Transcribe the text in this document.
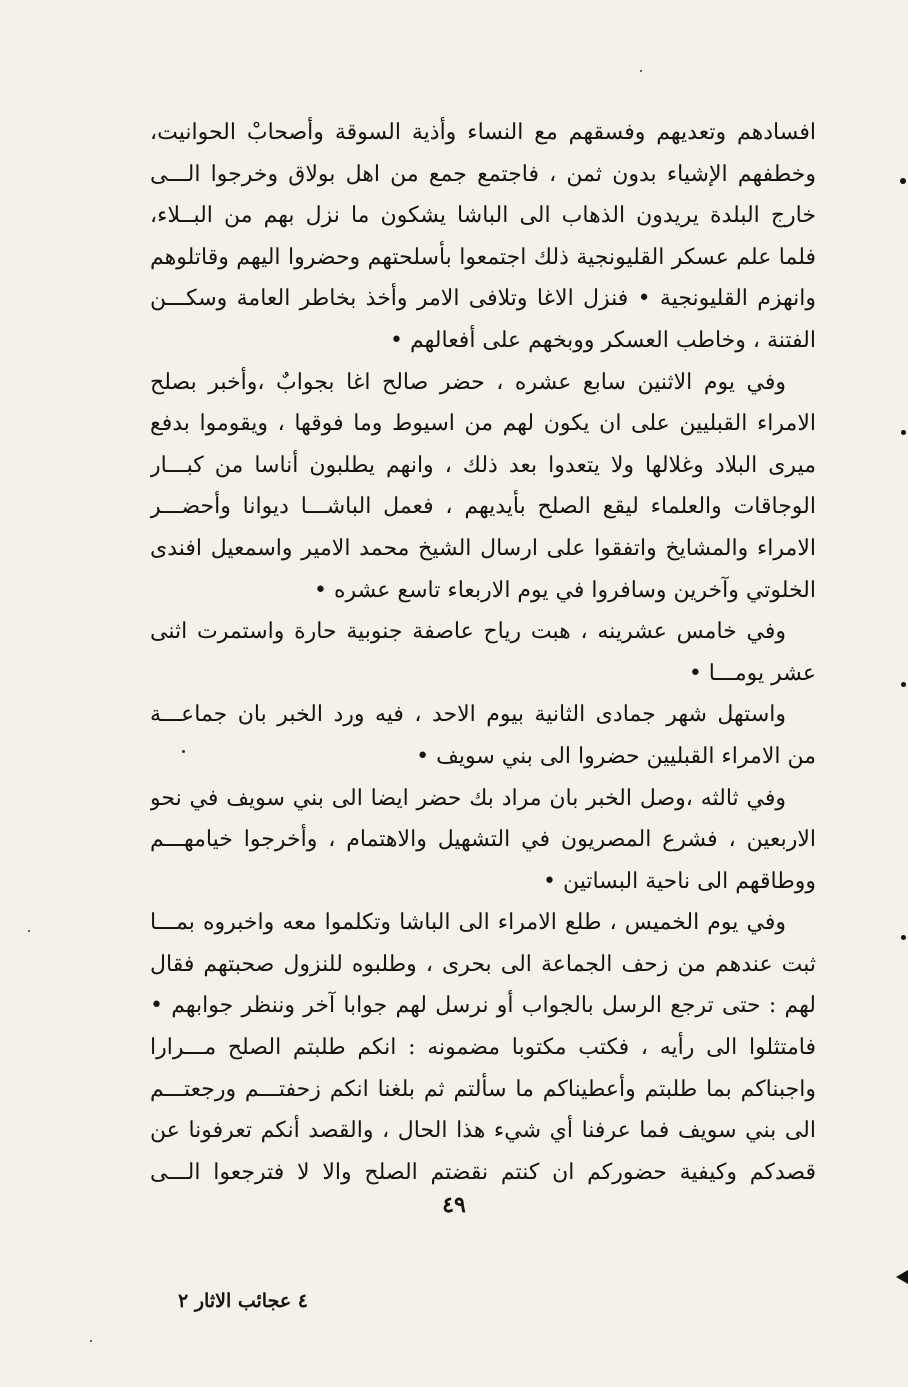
افسادهم وتعديهم وفسقهم مع النساء وأذية السوقة وأصحابْ الحوانيت،
وخطفهم الإشياء بدون ثمن ، فاجتمع جمع من اهل بولاق وخرجوا الـــى
خارج البلدة يريدون الذهاب الى الباشا يشكون ما نزل بهم من البــلاء،
فلما علم عسكر القليونجية ذلك اجتمعوا بأسلحتهم وحضروا اليهم وقاتلوهم
وانهزم القليونجية • فنزل الاغا وتلافى الامر وأخذ بخاطر العامة وسكـــن
الفتنة ، وخاطب العسكر ووبخهم على أفعالهم •
وفي يوم الاثنين سابع عشره ، حضر صالح اغا بجوابٌ ،وأخبر بصلح
الامراء القبليين على ان يكون لهم من اسيوط وما فوقها ، ويقوموا بدفع
ميرى البلاد وغلالها ولا يتعدوا بعد ذلك ، وانهم يطلبون أناسا من كبـــار
الوجاقات والعلماء ليقع الصلح بأيديهم ، فعمل الباشـــا ديوانا وأحضـــر
الامراء والمشايخ واتفقوا على ارسال الشيخ محمد الامير واسمعيل افندى
الخلوتي وآخرين وسافروا في يوم الاربعاء تاسع عشره •
وفي خامس عشرينه ، هبت رياح عاصفة جنوبية حارة واستمرت اثنى
عشر يومـــا •
واستهل شهر جمادى الثانية بيوم الاحد ، فيه ورد الخبر بان جماعـــة
من الامراء القبليين حضروا الى بني سويف •
وفي ثالثه ،وصل الخبر بان مراد بك حضر ايضا الى بني سويف في نحو
الاربعين ، فشرع المصريون في التشهيل والاهتمام ، وأخرجوا خيامهـــم
ووطاقهم الى ناحية البساتين •
وفي يوم الخميس ، طلع الامراء الى الباشا وتكلموا معه واخبروه بمـــا
ثبت عندهم من زحف الجماعة الى بحرى ، وطلبوه للنزول صحبتهم فقال
لهم : حتى ترجع الرسل بالجواب أو نرسل لهم جوابا آخر وننظر جوابهم •
فامتثلوا الى رأيه ، فكتب مكتوبا مضمونه : انكم طلبتم الصلح مـــرارا
واجبناكم بما طلبتم وأعطيناكم ما سألتم ثم بلغنا انكم زحفتـــم ورجعتـــم
الى بني سويف فما عرفنا أي شيء هذا الحال ، والقصد أنكم تعرفونا عن
قصدكم وكيفية حضوركم ان كنتم نقضتم الصلح والا لا فترجعوا الـــى
٤٩
٤ عجائب الاثار ٢
